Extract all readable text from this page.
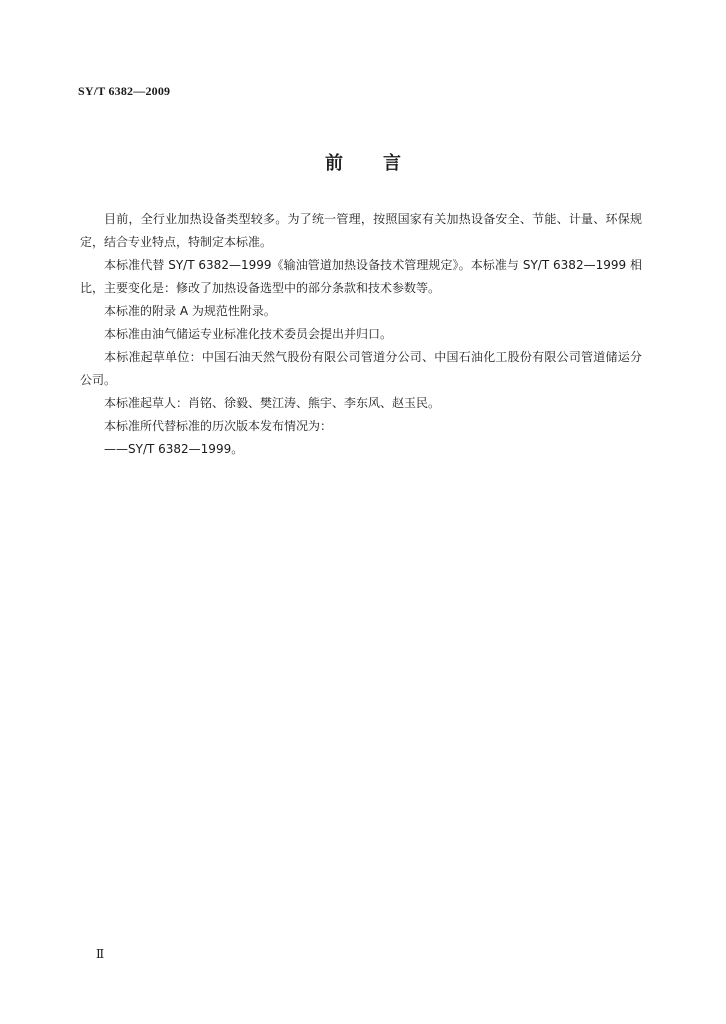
SY/T 6382—2009
前言

目前，全行业加热设备类型较多。为了统一管理，按照国家有关加热设备安全、节能、计量、环保规定，结合专业特点，特制定本标准。

本标准代替 SY/T 6382—1999《输油管道加热设备技术管理规定》。本标准与 SY/T 6382—1999 相比，主要变化是：修改了加热设备选型中的部分条款和技术参数等。

本标准的附录 A 为规范性附录。

本标准由油气储运专业标准化技术委员会提出并归口。

本标准起草单位：中国石油天然气股份有限公司管道分公司、中国石油化工股份有限公司管道储运分公司。

本标准起草人：肖铭、徐毅、樊江涛、熊宇、李东风、赵玉民。

本标准所代替标准的历次版本发布情况为：

——SY/T 6382—1999。

Ⅱ
